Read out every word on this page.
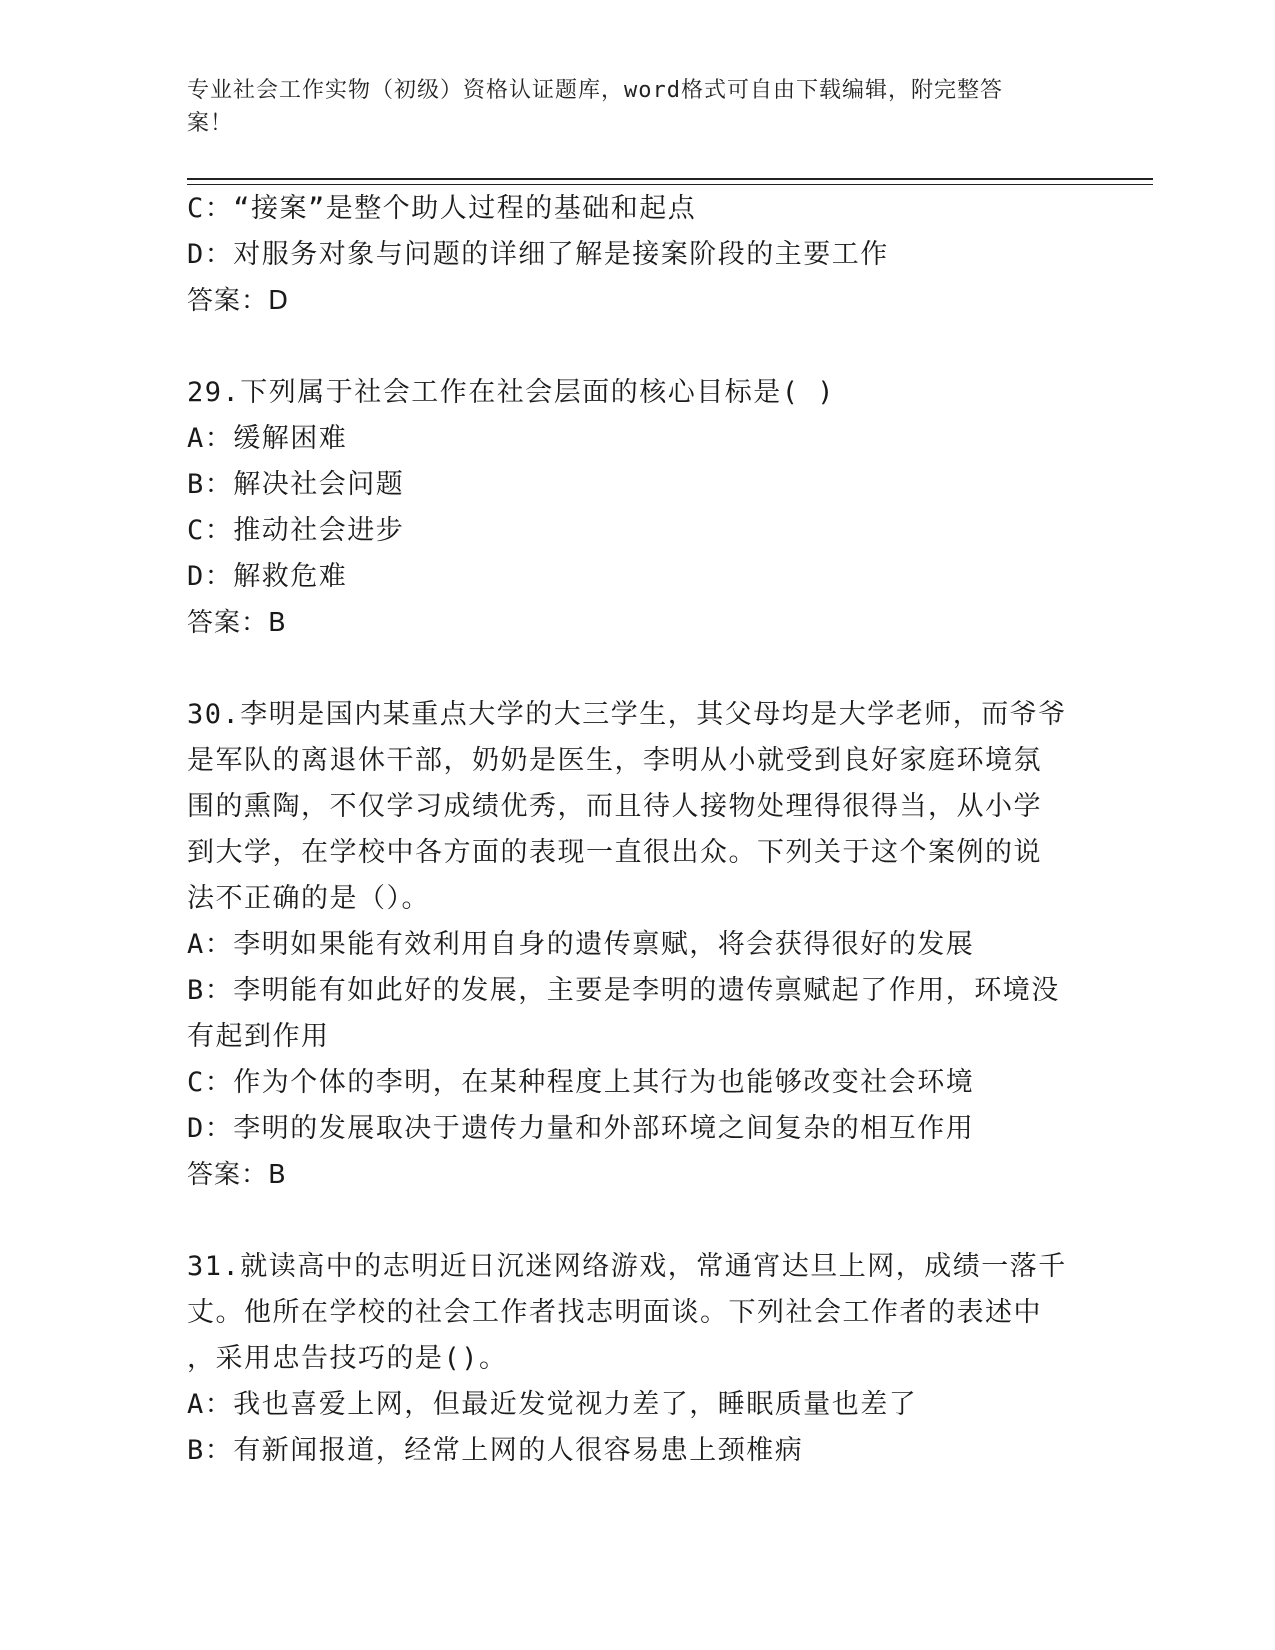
专业社会工作实物（初级）资格认证题库，word格式可自由下载编辑，附完整答
案！
C：“接案”是整个助人过程的基础和起点
D：对服务对象与问题的详细了解是接案阶段的主要工作
答案：D
29.下列属于社会工作在社会层面的核心目标是( )
A：缓解困难
B：解决社会问题
C：推动社会进步
D：解救危难
答案：B
30.李明是国内某重点大学的大三学生，其父母均是大学老师，而爷爷
是军队的离退休干部，奶奶是医生，李明从小就受到良好家庭环境氛
围的熏陶，不仅学习成绩优秀，而且待人接物处理得很得当，从小学
到大学，在学校中各方面的表现一直很出众。下列关于这个案例的说
法不正确的是（）。
A：李明如果能有效利用自身的遗传禀赋，将会获得很好的发展
B：李明能有如此好的发展，主要是李明的遗传禀赋起了作用，环境没
有起到作用
C：作为个体的李明，在某种程度上其行为也能够改变社会环境
D：李明的发展取决于遗传力量和外部环境之间复杂的相互作用
答案：B
31.就读高中的志明近日沉迷网络游戏，常通宵达旦上网，成绩一落千
丈。他所在学校的社会工作者找志明面谈。下列社会工作者的表述中
，采用忠告技巧的是()。
A：我也喜爱上网，但最近发觉视力差了，睡眠质量也差了
B：有新闻报道，经常上网的人很容易患上颈椎病
